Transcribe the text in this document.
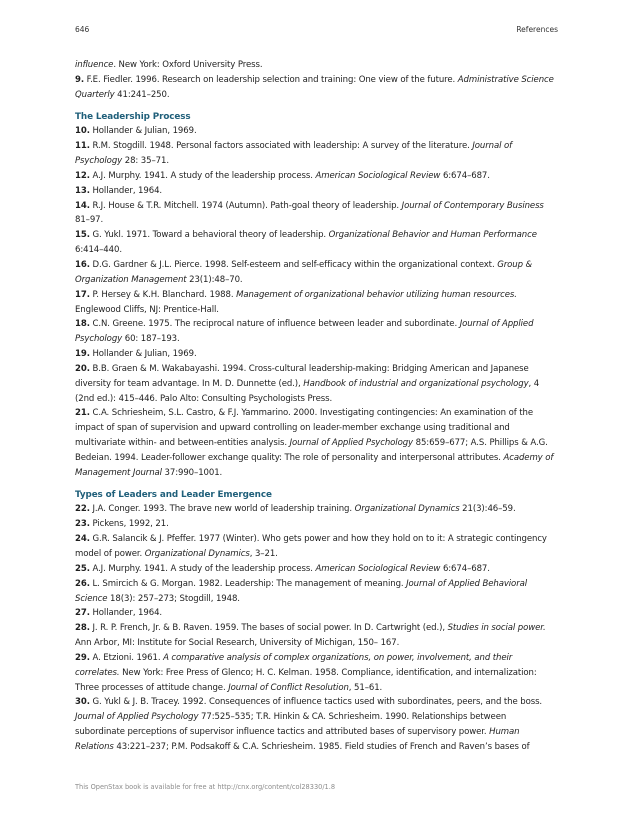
646	References

influence. New York: Oxford University Press.

9. F.E. Fiedler. 1996. Research on leadership selection and training: One view of the future. Administrative Science Quarterly 41:241–250.

The Leadership Process

10. Hollander & Julian, 1969.

11. R.M. Stogdill. 1948. Personal factors associated with leadership: A survey of the literature. Journal of Psychology 28: 35–71.

12. A.J. Murphy. 1941. A study of the leadership process. American Sociological Review 6:674–687.

13. Hollander, 1964.

14. R.J. House & T.R. Mitchell. 1974 (Autumn). Path-goal theory of leadership. Journal of Contemporary Business 81–97.

15. G. Yukl. 1971. Toward a behavioral theory of leadership. Organizational Behavior and Human Performance 6:414–440.

16. D.G. Gardner & J.L. Pierce. 1998. Self-esteem and self-efficacy within the organizational context. Group & Organization Management 23(1):48–70.

17. P. Hersey & K.H. Blanchard. 1988. Management of organizational behavior utilizing human resources. Englewood Cliffs, NJ: Prentice-Hall.

18. C.N. Greene. 1975. The reciprocal nature of influence between leader and subordinate. Journal of Applied Psychology 60: 187–193.

19. Hollander & Julian, 1969.

20. B.B. Graen & M. Wakabayashi. 1994. Cross-cultural leadership-making: Bridging American and Japanese diversity for team advantage. In M. D. Dunnette (ed.), Handbook of industrial and organizational psychology, 4 (2nd ed.): 415–446. Palo Alto: Consulting Psychologists Press.

21. C.A. Schriesheim, S.L. Castro, & F.J. Yammarino. 2000. Investigating contingencies: An examination of the impact of span of supervision and upward controlling on leader-member exchange using traditional and multivariate within- and between-entities analysis. Journal of Applied Psychology 85:659–677; A.S. Phillips & A.G. Bedeian. 1994. Leader-follower exchange quality: The role of personality and interpersonal attributes. Academy of Management Journal 37:990–1001.

Types of Leaders and Leader Emergence

22. J.A. Conger. 1993. The brave new world of leadership training. Organizational Dynamics 21(3):46–59.

23. Pickens, 1992, 21.

24. G.R. Salancik & J. Pfeffer. 1977 (Winter). Who gets power and how they hold on to it: A strategic contingency model of power. Organizational Dynamics, 3–21.

25. A.J. Murphy. 1941. A study of the leadership process. American Sociological Review 6:674–687.

26. L. Smircich & G. Morgan. 1982. Leadership: The management of meaning. Journal of Applied Behavioral Science 18(3): 257–273; Stogdill, 1948.

27. Hollander, 1964.

28. J. R. P. French, Jr. & B. Raven. 1959. The bases of social power. In D. Cartwright (ed.), Studies in social power. Ann Arbor, MI: Institute for Social Research, University of Michigan, 150– 167.

29. A. Etzioni. 1961. A comparative analysis of complex organizations, on power, involvement, and their correlates. New York: Free Press of Glenco; H. C. Kelman. 1958. Compliance, identification, and internalization: Three processes of attitude change. Journal of Conflict Resolution, 51–61.

30. G. Yukl & J. B. Tracey. 1992. Consequences of influence tactics used with subordinates, peers, and the boss. Journal of Applied Psychology 77:525–535; T.R. Hinkin & CA. Schriesheim. 1990. Relationships between subordinate perceptions of supervisor influence tactics and attributed bases of supervisory power. Human Relations 43:221–237; P.M. Podsakoff & C.A. Schriesheim. 1985. Field studies of French and Raven’s bases of

This OpenStax book is available for free at http://cnx.org/content/col28330/1.8
